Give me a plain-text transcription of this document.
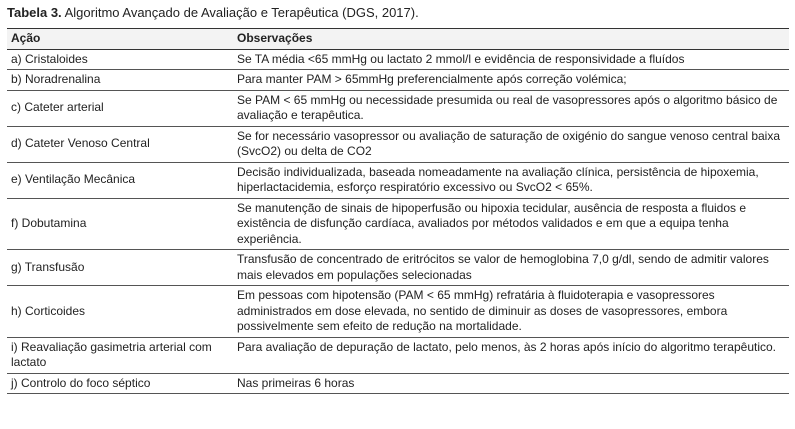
Tabela 3. Algoritmo Avançado de Avaliação e Terapêutica (DGS, 2017).
Ação	Observações
a) Cristaloides	Se TA média <65 mmHg ou lactato 2 mmol/l e evidência de responsividade a fluídos
b) Noradrenalina	Para manter PAM > 65mmHg preferencialmente após correção volémica;
c) Cateter arterial	Se PAM < 65 mmHg ou necessidade presumida ou real de vasopressores após o algoritmo básico de avaliação e terapêutica.
d) Cateter Venoso Central	Se for necessário vasopressor ou avaliação de saturação de oxigénio do sangue venoso central baixa (SvcO2) ou delta de CO2
e) Ventilação Mecânica	Decisão individualizada, baseada nomeadamente na avaliação clínica, persistência de hipoxemia, hiperlactacidemia, esforço respiratório excessivo ou SvcO2 < 65%.
f) Dobutamina	Se manutenção de sinais de hipoperfusão ou hipoxia tecidular, ausência de resposta a fluidos e existência de disfunção cardíaca, avaliados por métodos validados e em que a equipa tenha experiência.
g) Transfusão	Transfusão de concentrado de eritrócitos se valor de hemoglobina 7,0 g/dl, sendo de admitir valores mais elevados em populações selecionadas
h) Corticoides	Em pessoas com hipotensão (PAM < 65 mmHg) refratária à fluidoterapia e vasopressores administrados em dose elevada, no sentido de diminuir as doses de vasopressores, embora possivelmente sem efeito de redução na mortalidade.
i) Reavaliação gasimetria arterial com lactato	Para avaliação de depuração de lactato, pelo menos, às 2 horas após início do algoritmo terapêutico.
j) Controlo do foco séptico	Nas primeiras 6 horas
